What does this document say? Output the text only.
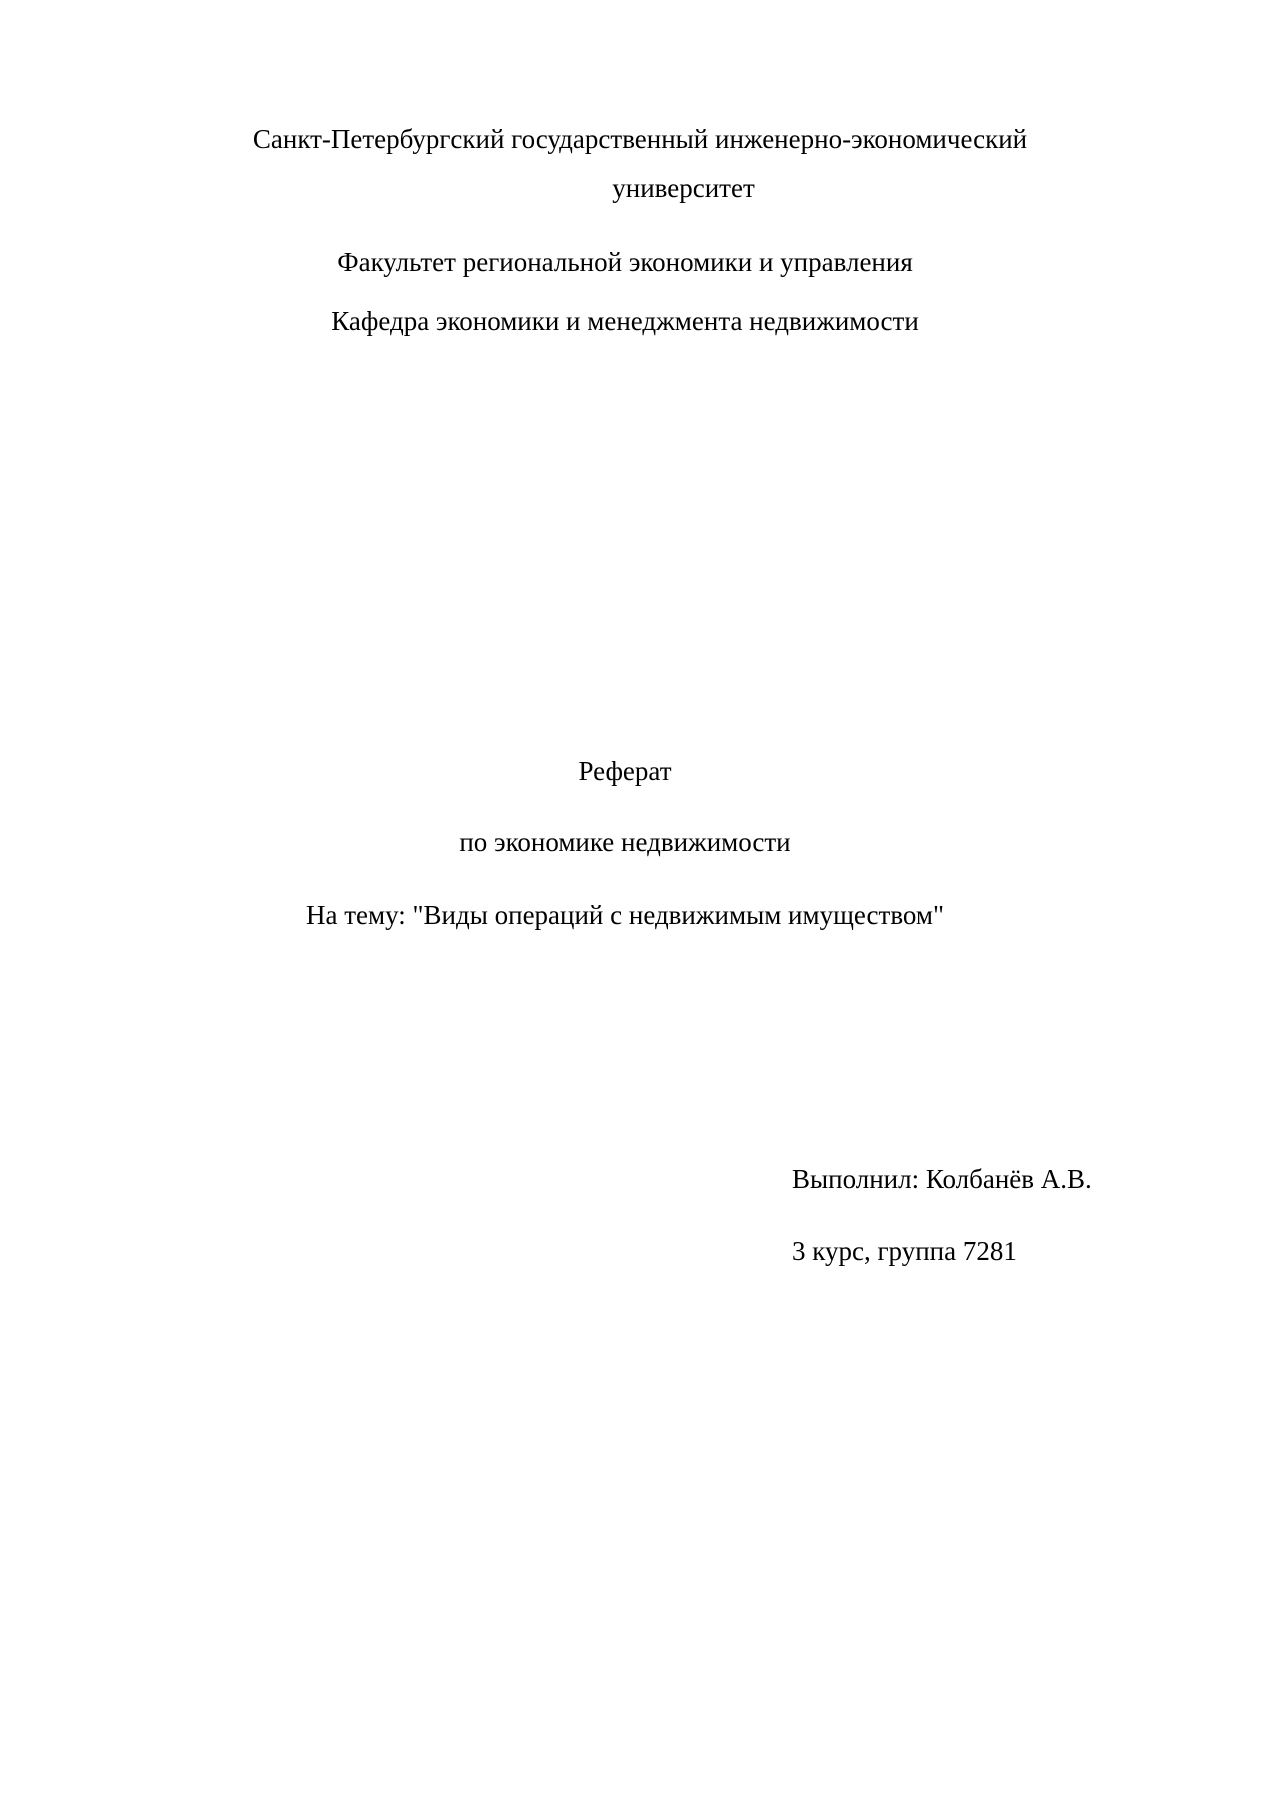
Санкт-Петербургский государственный инженерно-экономический

университет

Факультет региональной экономики и управления

Кафедра экономики и менеджмента недвижимости

Реферат

по экономике недвижимости

На тему: "Виды операций с недвижимым имуществом"

Выполнил: Колбанёв А.В.

3 курс, группа 7281
